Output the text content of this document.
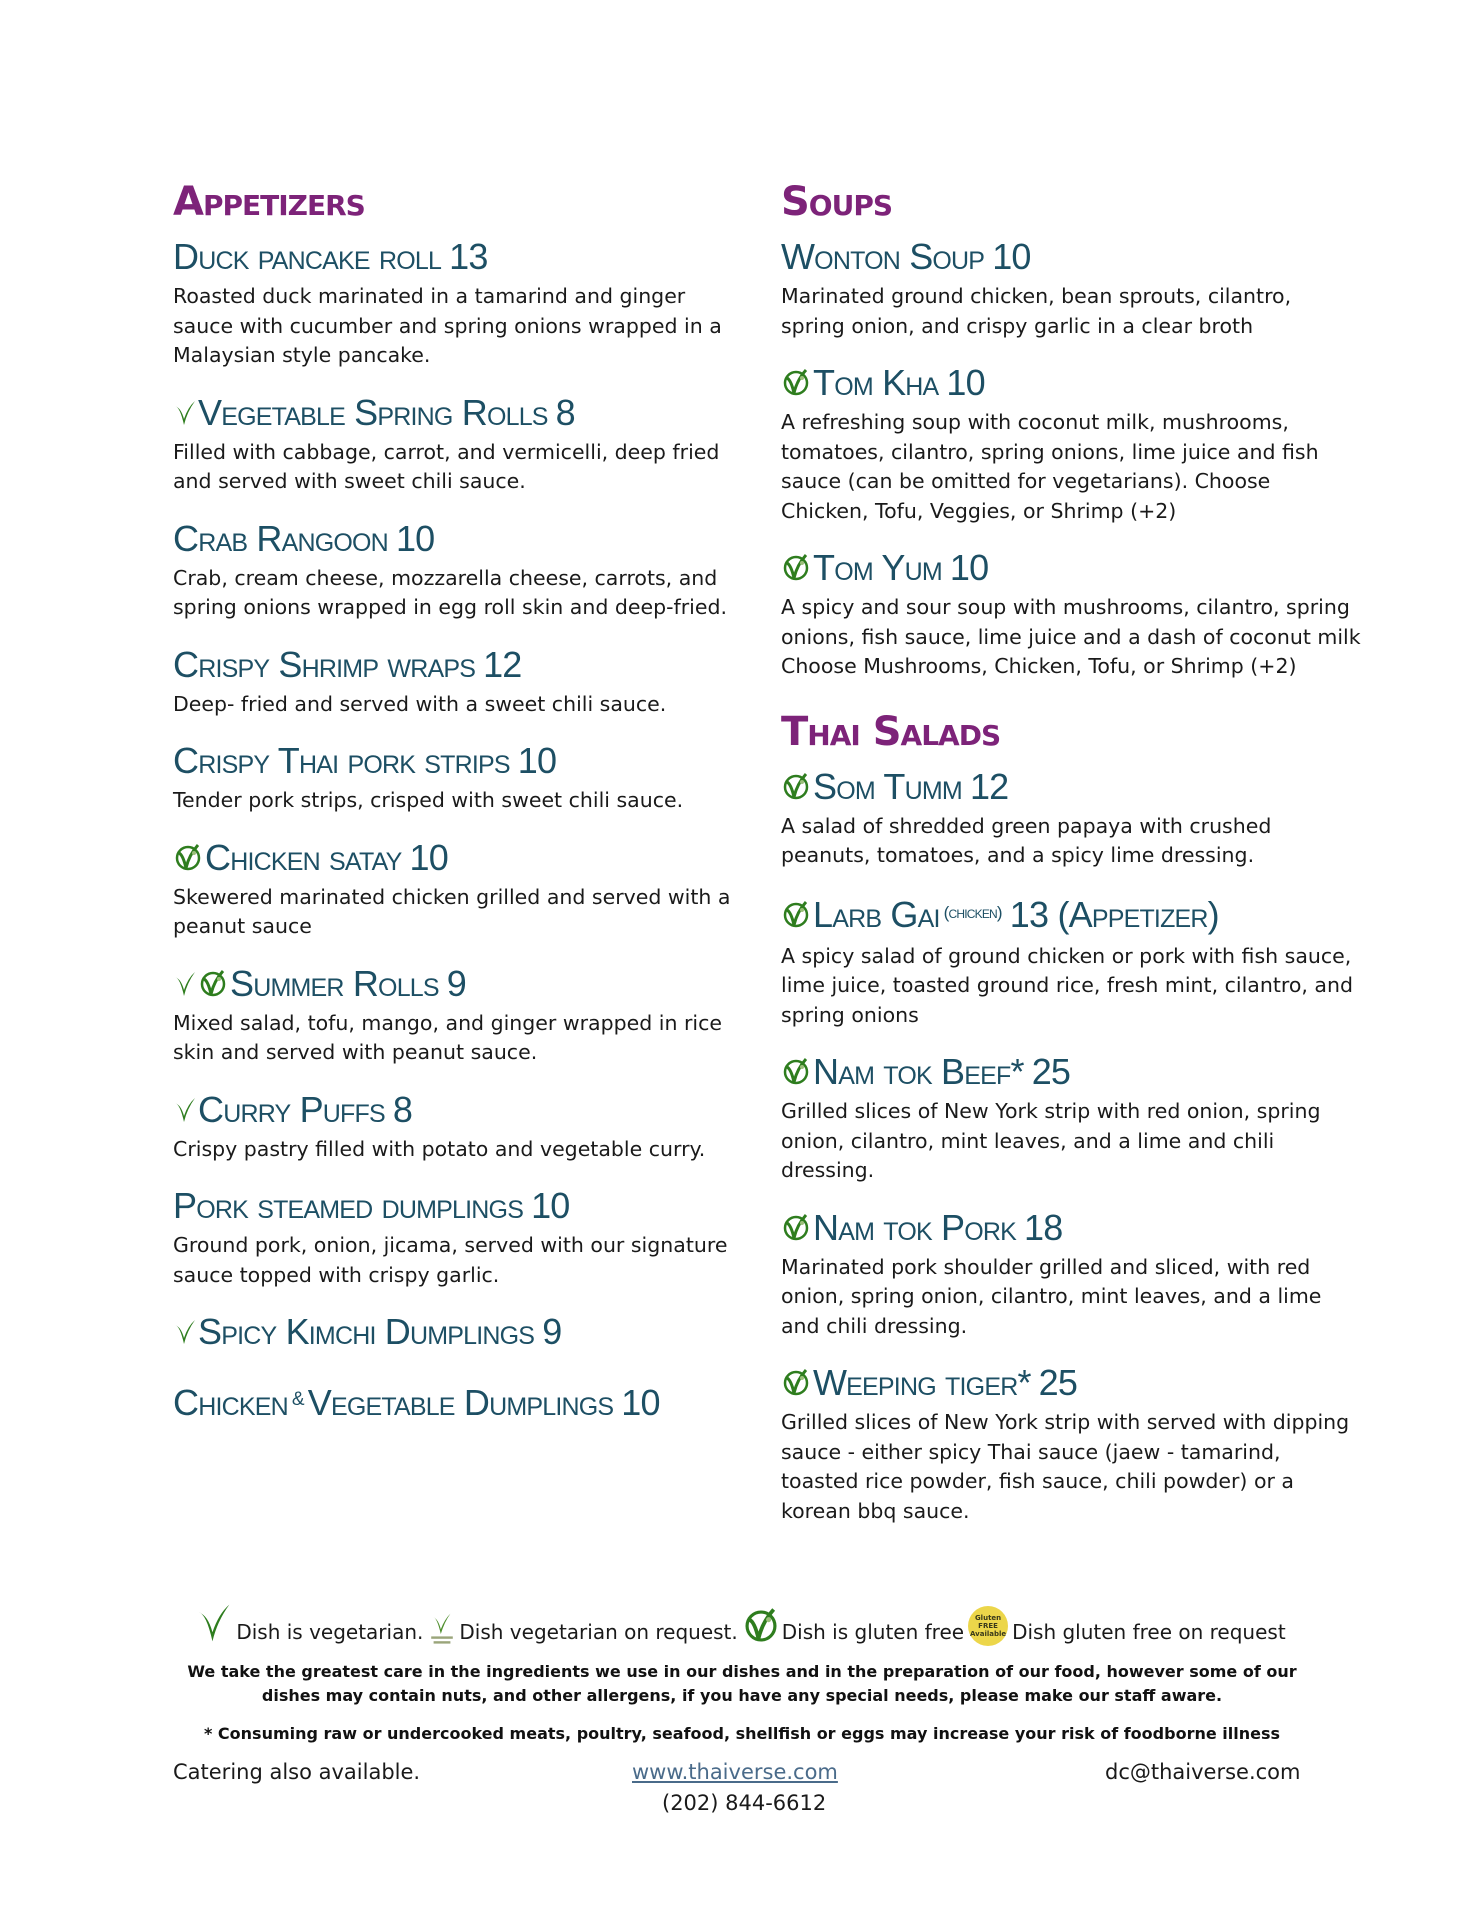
Appetizers
Duck pancake roll 13
Roasted duck marinated in a tamarind and ginger sauce with cucumber and spring onions wrapped in a Malaysian style pancake.
Vegetable Spring Rolls 8
Filled with cabbage, carrot, and vermicelli, deep fried and served with sweet chili sauce.
Crab Rangoon 10
Crab, cream cheese, mozzarella cheese, carrots, and spring onions wrapped in egg roll skin and deep-fried.
Crispy Shrimp wraps 12
Deep- fried and served with a sweet chili sauce.
Crispy Thai pork strips 10
Tender pork strips, crisped with sweet chili sauce.
Chicken satay 10
Skewered marinated chicken grilled and served with a peanut sauce
Summer Rolls 9
Mixed salad, tofu, mango, and ginger wrapped in rice skin and served with peanut sauce.
Curry Puffs 8
Crispy pastry filled with potato and vegetable curry.
Pork steamed dumplings 10
Ground pork, onion, jicama, served with our signature sauce topped with crispy garlic.
Spicy Kimchi Dumplings 9
Chicken & Vegetable Dumplings 10
Soups
Wonton Soup 10
Marinated ground chicken, bean sprouts, cilantro, spring onion, and crispy garlic in a clear broth
Tom Kha 10
A refreshing soup with coconut milk, mushrooms, tomatoes, cilantro, spring onions, lime juice and fish sauce (can be omitted for vegetarians). Choose Chicken, Tofu, Veggies, or Shrimp (+2)
Tom Yum 10
A spicy and sour soup with mushrooms, cilantro, spring onions, fish sauce, lime juice and a dash of coconut milk Choose Mushrooms, Chicken, Tofu, or Shrimp (+2)
Thai Salads
Som Tumm 12
A salad of shredded green papaya with crushed peanuts, tomatoes, and a spicy lime dressing.
Larb Gai (chicken) 13 (Appetizer)
A spicy salad of ground chicken or pork with fish sauce, lime juice, toasted ground rice, fresh mint, cilantro, and spring onions
Nam tok Beef* 25
Grilled slices of New York strip with red onion, spring onion, cilantro, mint leaves, and a lime and chili dressing.
Nam tok Pork 18
Marinated pork shoulder grilled and sliced, with red onion, spring onion, cilantro, mint leaves, and a lime and chili dressing.
Weeping tiger* 25
Grilled slices of New York strip with served with dipping sauce - either spicy Thai sauce (jaew - tamarind, toasted rice powder, fish sauce, chili powder) or a korean bbq sauce.
Dish is vegetarian. Dish vegetarian on request. Dish is gluten free
Gluten
FREE
Available Dish gluten free on request
We take the greatest care in the ingredients we use in our dishes and in the preparation of our food, however some of our dishes may contain nuts, and other allergens, if you have any special needs, please make our staff aware.
* Consuming raw or undercooked meats, poultry, seafood, shellfish or eggs may increase your risk of foodborne illness
Catering also available.	www.thaiverse.com	dc@thaiverse.com
(202) 844-6612
